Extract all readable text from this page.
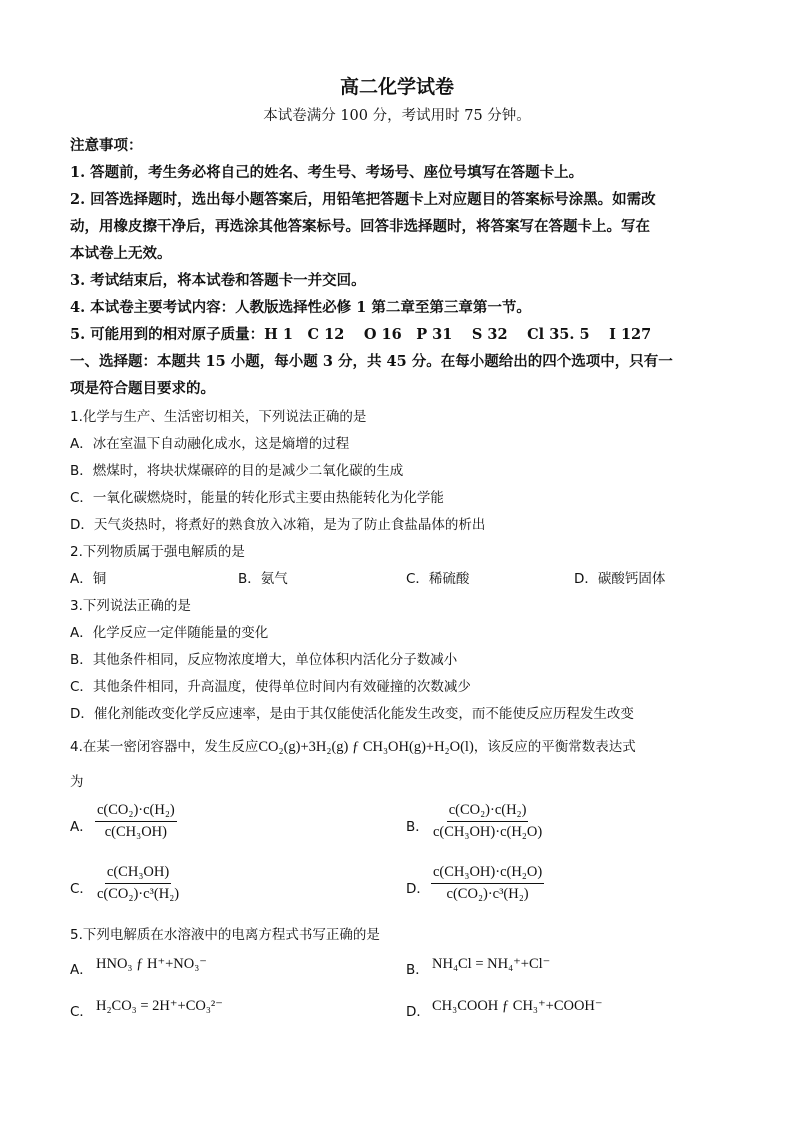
高二化学试卷
本试卷满分 100 分，考试用时 75 分钟。
注意事项：
1. 答题前，考生务必将自己的姓名、考生号、考场号、座位号填写在答题卡上。
2. 回答选择题时，选出每小题答案后，用铅笔把答题卡上对应题目的答案标号涂黑。如需改
动，用橡皮擦干净后，再选涂其他答案标号。回答非选择题时，将答案写在答题卡上。写在
本试卷上无效。
3. 考试结束后，将本试卷和答题卡一并交回。
4. 本试卷主要考试内容：人教版选择性必修 1 第二章至第三章第一节。
5. 可能用到的相对原子质量：H 1　C 12　 O 16　P 31　 S 32　 Cl 35. 5　 I 127
一、选择题：本题共 15 小题，每小题 3 分，共 45 分。在每小题给出的四个选项中，只有一
项是符合题目要求的。
1.化学与生产、生活密切相关，下列说法正确的是
A．冰在室温下自动融化成水，这是熵增的过程
B．燃煤时，将块状煤碾碎的目的是减少二氧化碳的生成
C．一氧化碳燃烧时，能量的转化形式主要由热能转化为化学能
D．天气炎热时，将煮好的熟食放入冰箱，是为了防止食盐晶体的析出
2.下列物质属于强电解质的是
A．铜	B．氨气	C．稀硫酸	D．碳酸钙固体
3.下列说法正确的是
A．化学反应一定伴随能量的变化
B．其他条件相同，反应物浓度增大，单位体积内活化分子数减小
C．其他条件相同，升高温度，使得单位时间内有效碰撞的次数减少
D．催化剂能改变化学反应速率，是由于其仅能使活化能发生改变，而不能使反应历程发生改变
4.在某一密闭容器中，发生反应CO₂(g)+3H₂(g) ƒ CH₃OH(g)+H₂O(l)，该反应的平衡常数表达式
为
A． $\frac{\text{c(CO₂)·c(H₂)}}{\text{c(CH₃OH)}}$	B． $\frac{\text{c(CO₂)·c(H₂)}}{\text{c(CH₃OH)·c(H₂O)}}$
C． $\frac{\text{c(CH₃OH)}}{\text{c(CO₂)·c³(H₂)}}$	D． $\frac{\text{c(CH₃OH)·c(H₂O)}}{\text{c(CO₂)·c³(H₂)}}$
5.下列电解质在水溶液中的电离方程式书写正确的是
A． HNO₃ ƒ H⁺+NO₃⁻	B． NH₄Cl = NH₄⁺+Cl⁻
C． H₂CO₃ = 2H⁺+CO₃²⁻	D． CH₃COOH ƒ CH₃⁺+COOH⁻
